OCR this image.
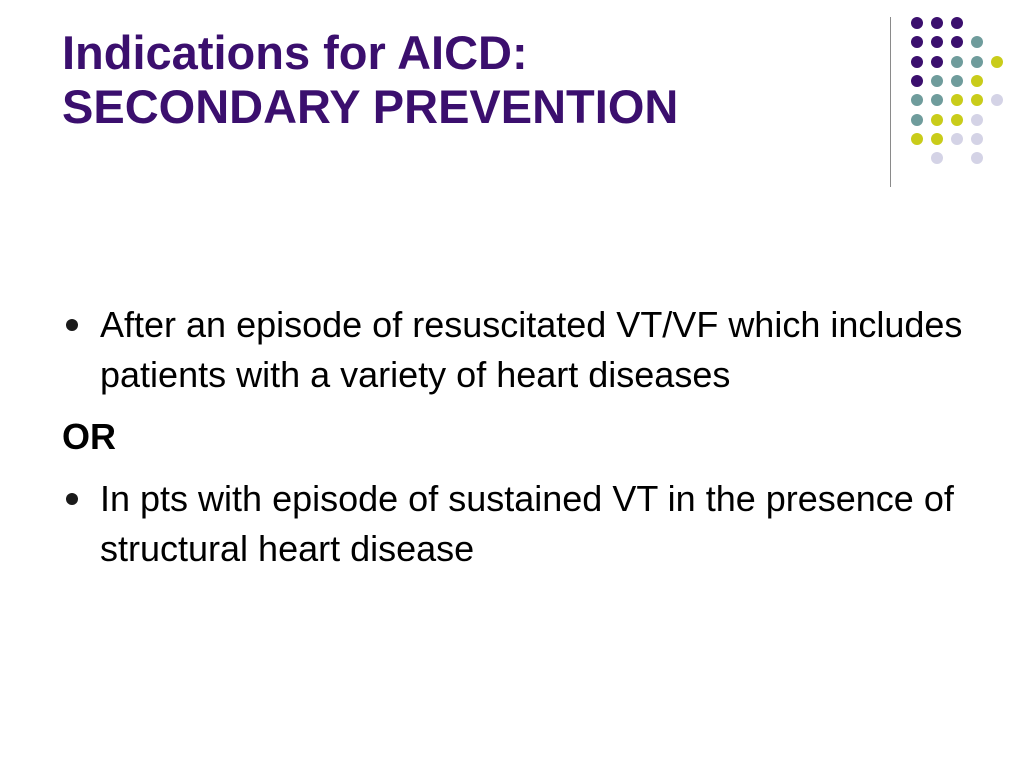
Indications for AICD:
SECONDARY PREVENTION
After an episode of resuscitated VT/VF which includes patients with a variety of heart diseases
OR
In pts with episode of sustained VT in the presence of structural heart disease
